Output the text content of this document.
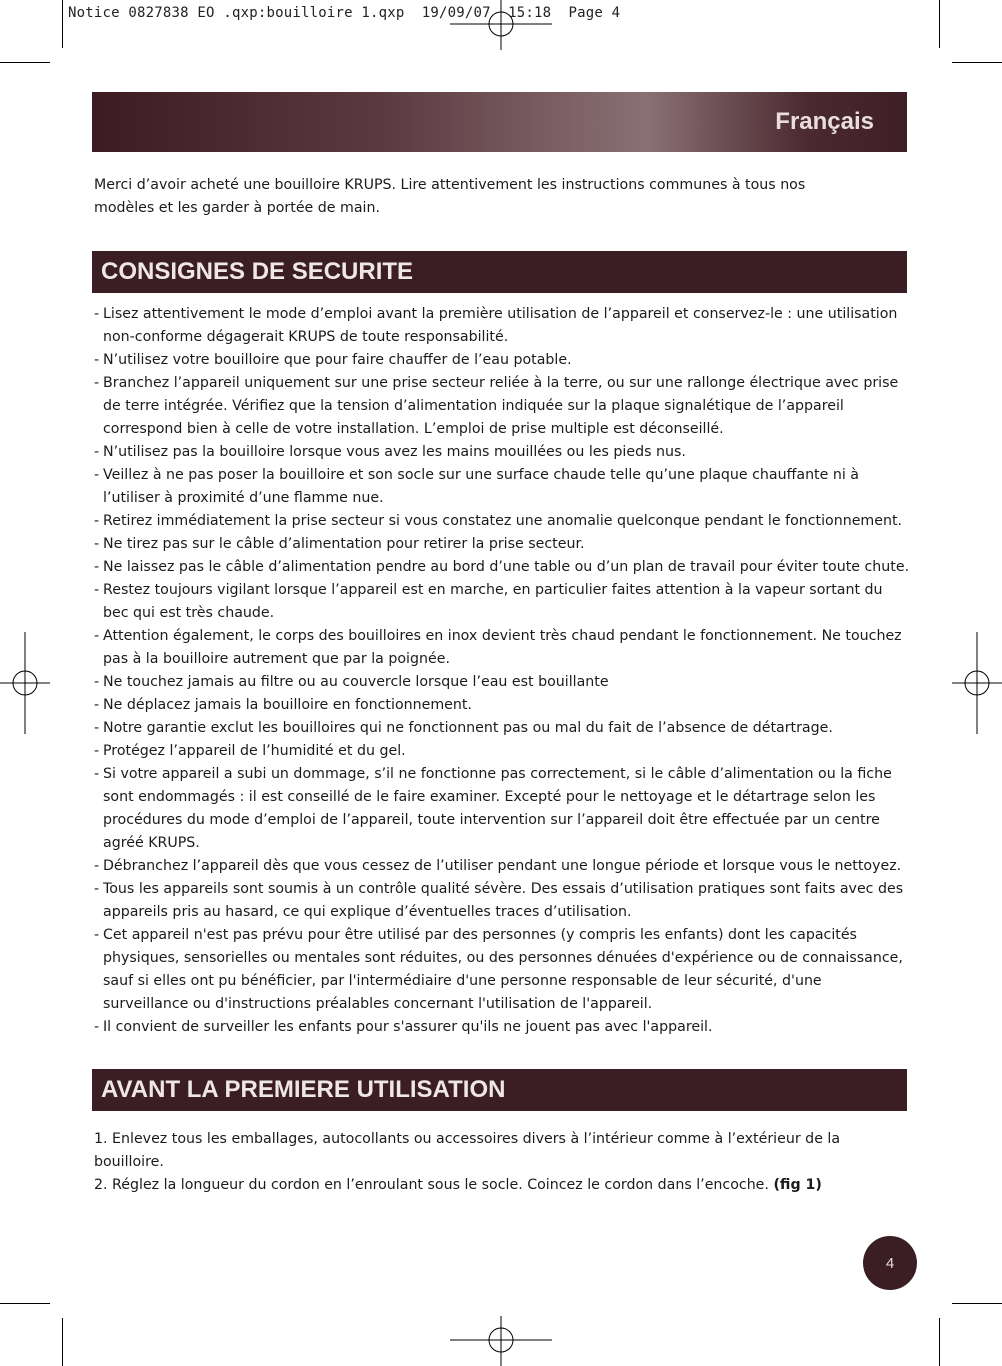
Notice 0827838 EO .qxp:bouilloire 1.qxp  19/09/07  15:18  Page 4
Français

Merci d’avoir acheté une bouilloire KRUPS. Lire attentivement les instructions communes à tous nos modèles et les garder à portée de main.

CONSIGNES DE SECURITE
- Lisez attentivement le mode d’emploi avant la première utilisation de l’appareil et conservez-le : une utilisation non-conforme dégagerait KRUPS de toute responsabilité.
- N’utilisez votre bouilloire que pour faire chauffer de l’eau potable.
- Branchez l’appareil uniquement sur une prise secteur reliée à la terre, ou sur une rallonge électrique avec prise de terre intégrée. Vérifiez que la tension d’alimentation indiquée sur la plaque signalétique de l’appareil correspond bien à celle de votre installation. L’emploi de prise multiple est déconseillé.
- N’utilisez pas la bouilloire lorsque vous avez les mains mouillées ou les pieds nus.
- Veillez à ne pas poser la bouilloire et son socle sur une surface chaude telle qu’une plaque chauffante ni à l’utiliser à proximité d’une flamme nue.
- Retirez immédiatement la prise secteur si vous constatez une anomalie quelconque pendant le fonctionnement.
- Ne tirez pas sur le câble d’alimentation pour retirer la prise secteur.
- Ne laissez pas le câble d’alimentation pendre au bord d’une table ou d’un plan de travail pour éviter toute chute.
- Restez toujours vigilant lorsque l’appareil est en marche, en particulier faites attention à la vapeur sortant du bec qui est très chaude.
- Attention également, le corps des bouilloires en inox devient très chaud pendant le fonctionnement. Ne touchez pas à la bouilloire autrement que par la poignée.
- Ne touchez jamais au filtre ou au couvercle lorsque l’eau est bouillante
- Ne déplacez jamais la bouilloire en fonctionnement.
- Notre garantie exclut les bouilloires qui ne fonctionnent pas ou mal du fait de l’absence de détartrage.
- Protégez l’appareil de l’humidité et du gel.
- Si votre appareil a subi un dommage, s’il ne fonctionne pas correctement, si le câble d’alimentation ou la fiche sont endommagés : il est conseillé de le faire examiner. Excepté pour le nettoyage et le détartrage selon les procédures du mode d’emploi de l’appareil, toute intervention sur l’appareil doit être effectuée par un centre agréé KRUPS.
- Débranchez l’appareil dès que vous cessez de l’utiliser pendant une longue période et lorsque vous le nettoyez.
- Tous les appareils sont soumis à un contrôle qualité sévère. Des essais d’utilisation pratiques sont faits avec des appareils pris au hasard, ce qui explique d’éventuelles traces d’utilisation.
- Cet appareil n'est pas prévu pour être utilisé par des personnes (y compris les enfants) dont les capacités physiques, sensorielles ou mentales sont réduites, ou des personnes dénuées d'expérience ou de connaissance, sauf si elles ont pu bénéficier, par l'intermédiaire d'une personne responsable de leur sécurité, d'une surveillance ou d'instructions préalables concernant l'utilisation de l'appareil.
- Il convient de surveiller les enfants pour s'assurer qu'ils ne jouent pas avec l'appareil.
AVANT LA PREMIERE UTILISATION

1. Enlevez tous les emballages, autocollants ou accessoires divers à l’intérieur comme à l’extérieur de la bouilloire.

2. Réglez la longueur du cordon en l’enroulant sous le socle. Coincez le cordon dans l’encoche. (fig 1)

4
